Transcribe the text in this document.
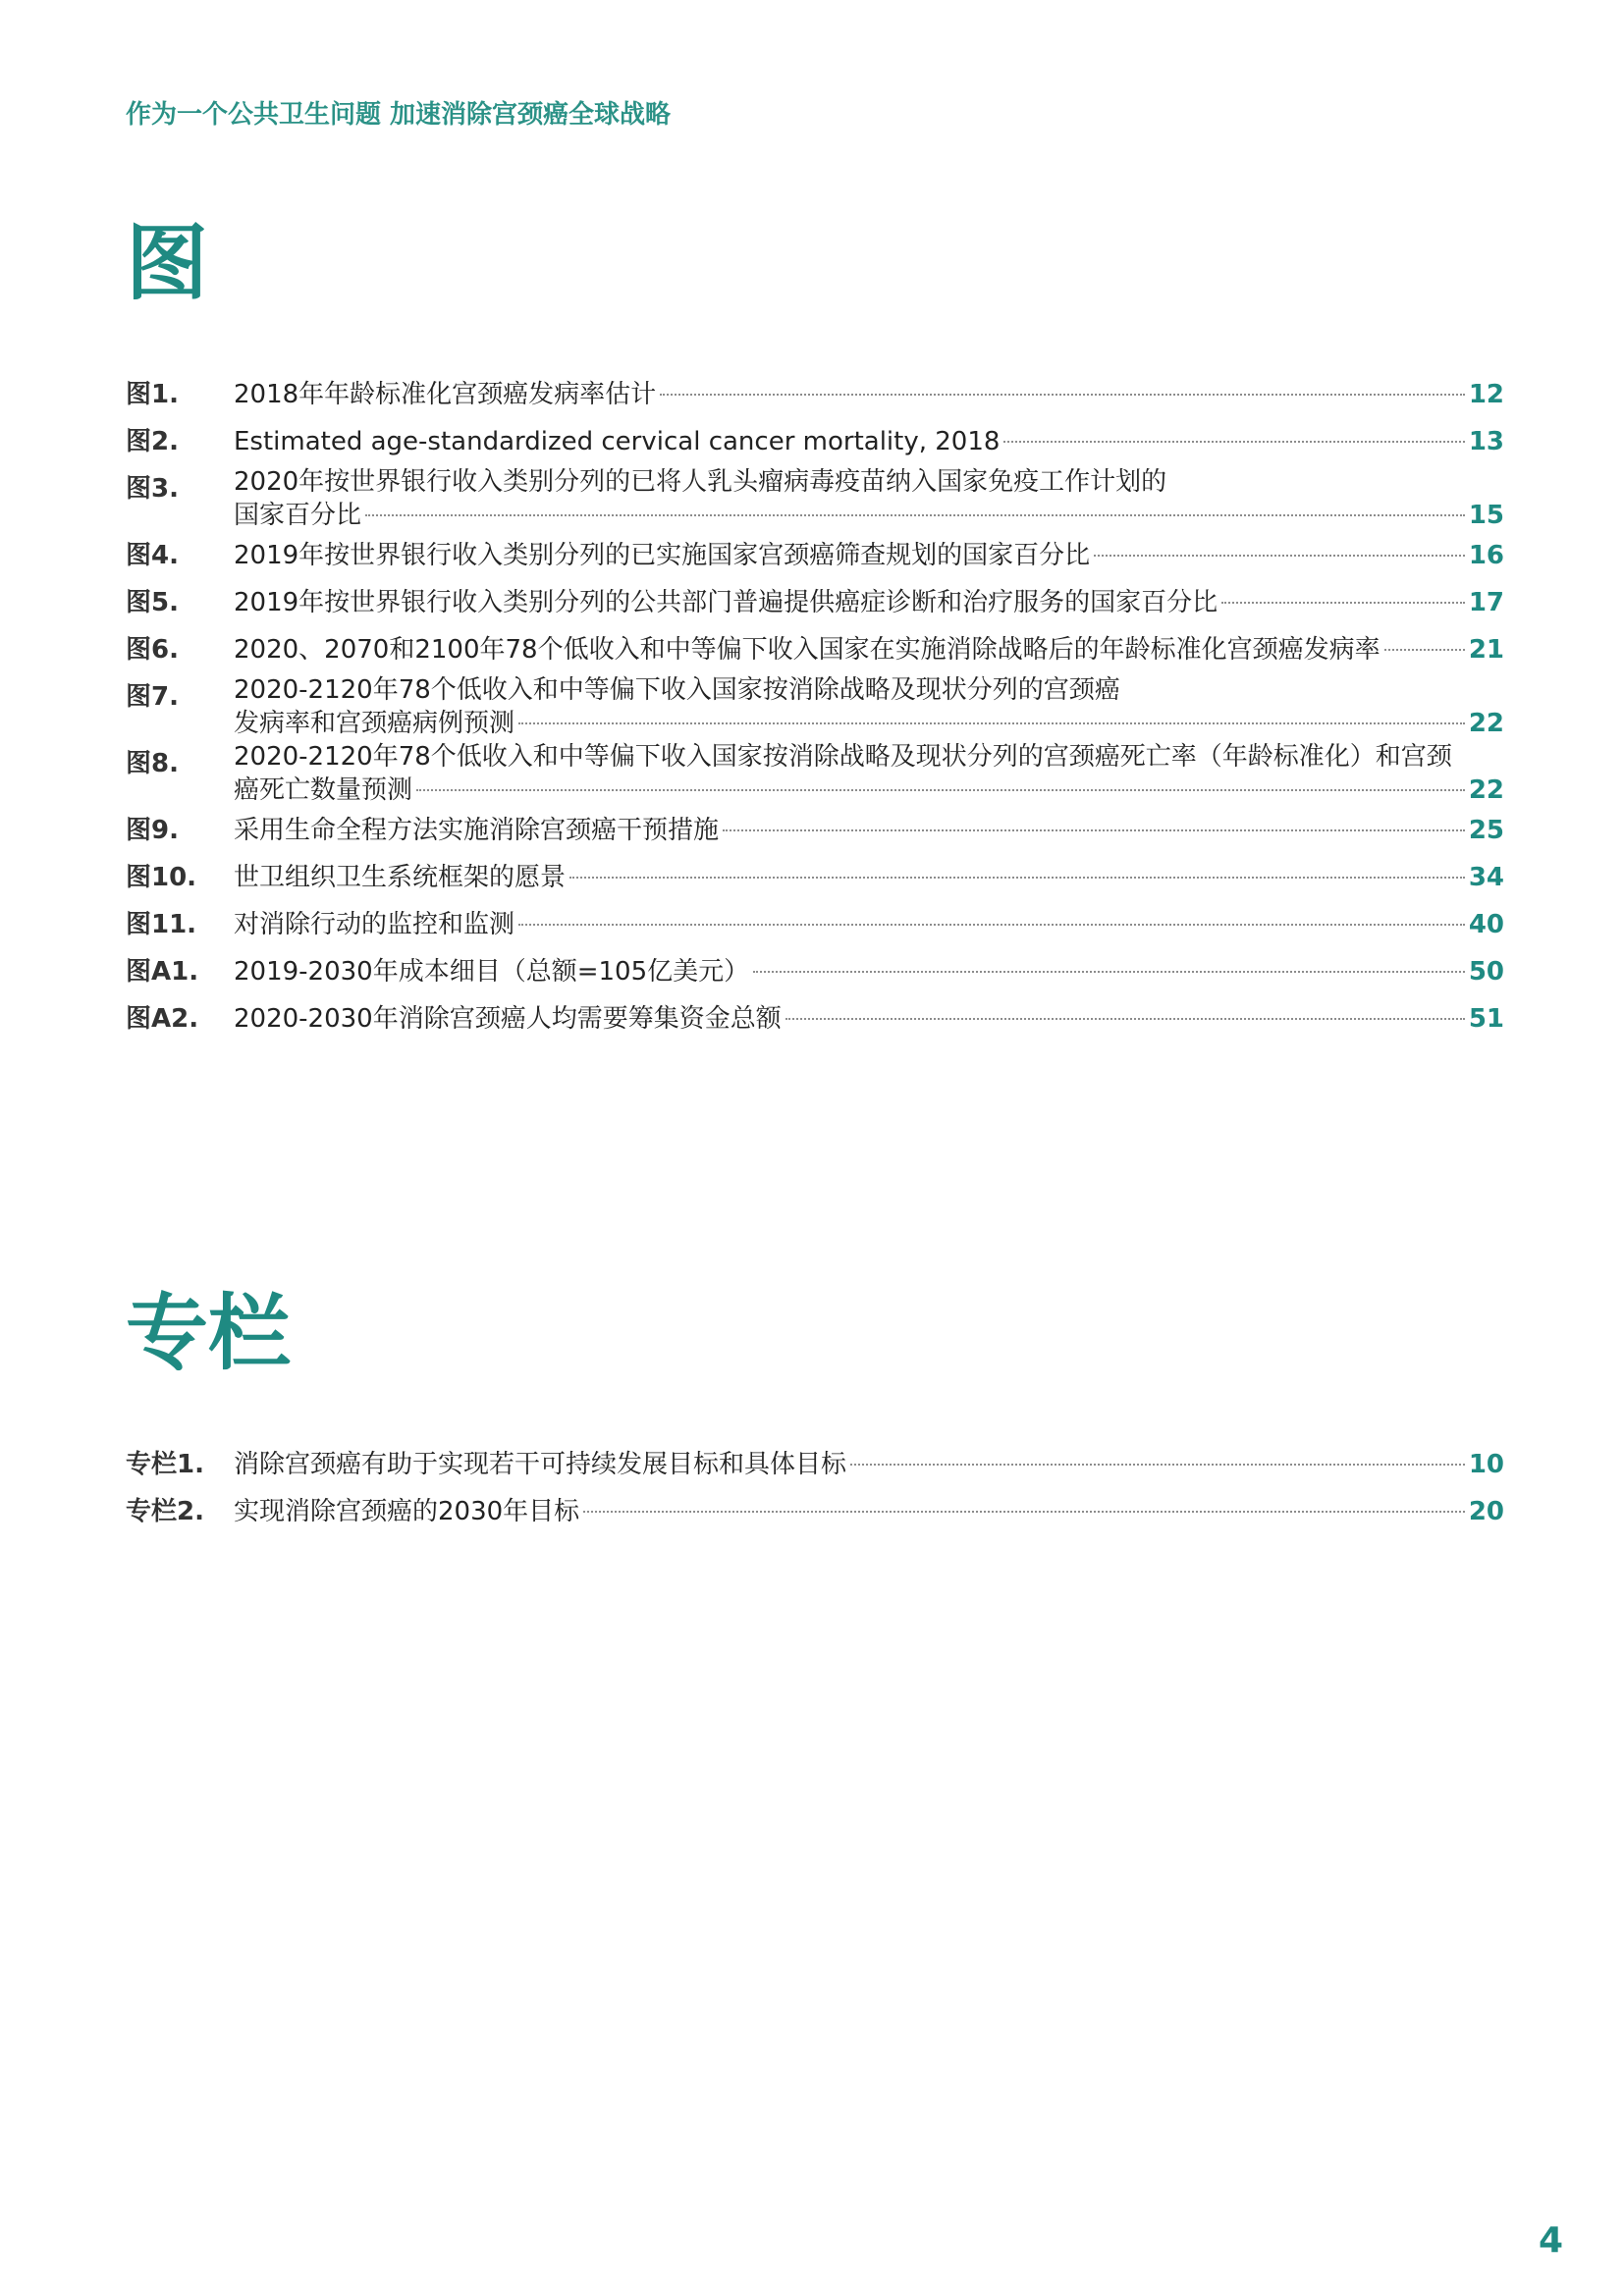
作为一个公共卫生问题 加速消除宫颈癌全球战略
图
图1.	2018年年龄标准化宫颈癌发病率估计	12
图2.	Estimated age-standardized cervical cancer mortality, 2018	13
图3.	2020年按世界银行收入类别分列的已将人乳头瘤病毒疫苗纳入国家免疫工作计划的
国家百分比	15
图4.	2019年按世界银行收入类别分列的已实施国家宫颈癌筛查规划的国家百分比	16
图5.	2019年按世界银行收入类别分列的公共部门普遍提供癌症诊断和治疗服务的国家百分比	17
图6.	2020、2070和2100年78个低收入和中等偏下收入国家在实施消除战略后的年龄标准化宫颈癌发病率	21
图7.	2020-2120年78个低收入和中等偏下收入国家按消除战略及现状分列的宫颈癌
发病率和宫颈癌病例预测	22
图8.	2020-2120年78个低收入和中等偏下收入国家按消除战略及现状分列的宫颈癌死亡率（年龄标准化）和宫颈
癌死亡数量预测	22
图9.	采用生命全程方法实施消除宫颈癌干预措施	25
图10.	世卫组织卫生系统框架的愿景	34
图11.	对消除行动的监控和监测	40
图A1.	2019-2030年成本细目（总额=105亿美元）	50
图A2.	2020-2030年消除宫颈癌人均需要筹集资金总额	51
专栏
专栏1.	消除宫颈癌有助于实现若干可持续发展目标和具体目标	10
专栏2.	实现消除宫颈癌的2030年目标	20
4
